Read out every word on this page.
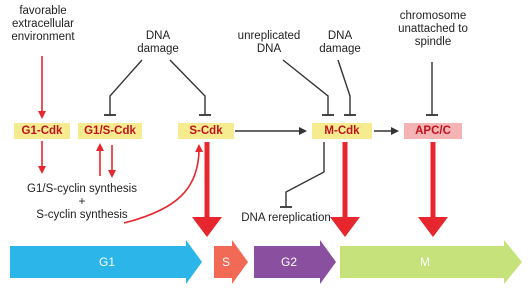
favorable
extracellular
environment	DNA
damage
unreplicated
DNA
DNA
damage
chromosome
unattached to
spindle
G1/S-cyclin synthesis
+
S-cyclin synthesis	DNA rereplication
G1-Cdk	G1/S-Cdk	S-Cdk	M-Cdk	APC/C
G1	S	G2	M
